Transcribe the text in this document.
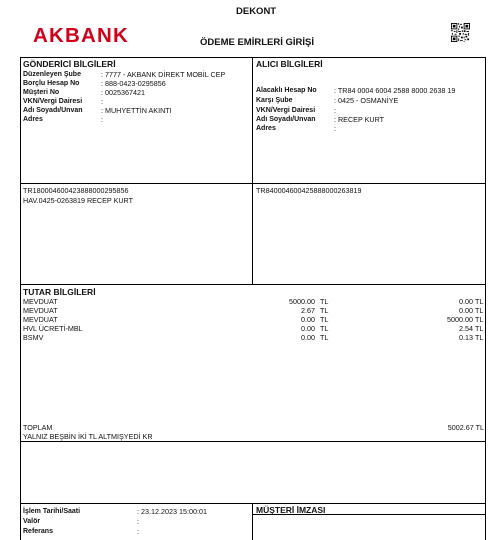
AKBANK
DEKONT
ÖDEME EMİRLERİ GİRİŞİ
GÖNDERİCİ BİLGİLERİ
Düzenleyen Şube	: 7777 - AKBANK DİREKT MOBİL CEP
Borçlu Hesap No	: 888-0423-0295856
Müşteri No	: 0025367421
VKN/Vergi Dairesi	:
Adı Soyadı/Unvan	: MUHYETTİN AKINTI
Adres	:
ALICI BİLGİLERİ
Alacaklı Hesap No : TR84 0004 6004 2588 8000 2638 19
Karşı Şube	: 0425 - OSMANİYE
VKN/Vergi Dairesi	:
Adı Soyadı/Unvan	: RECEP KURT
Adres	:
TR180004600423888000295856
HAV.0425-0263819 RECEP KURT
TR840004600425888000263819
TUTAR BİLGİLERİ
MEVDUAT	5000.00 TL	0.00 TL
MEVDUAT	2.67 TL	0.00 TL
MEVDUAT	0.00 TL	5000.00 TL
HVL ÜCRETİ-MBL	0.00 TL	2.54 TL
BSMV	0.00 TL	0.13 TL
TOPLAM	5002.67 TL
YALNIZ BEŞBİN İKİ TL ALTMIŞYEDİ KR
İşlem Tarihi/Saati	: 23.12.2023 15:00:01
Valör	:
Referans	:
MÜŞTERİ İMZASI
